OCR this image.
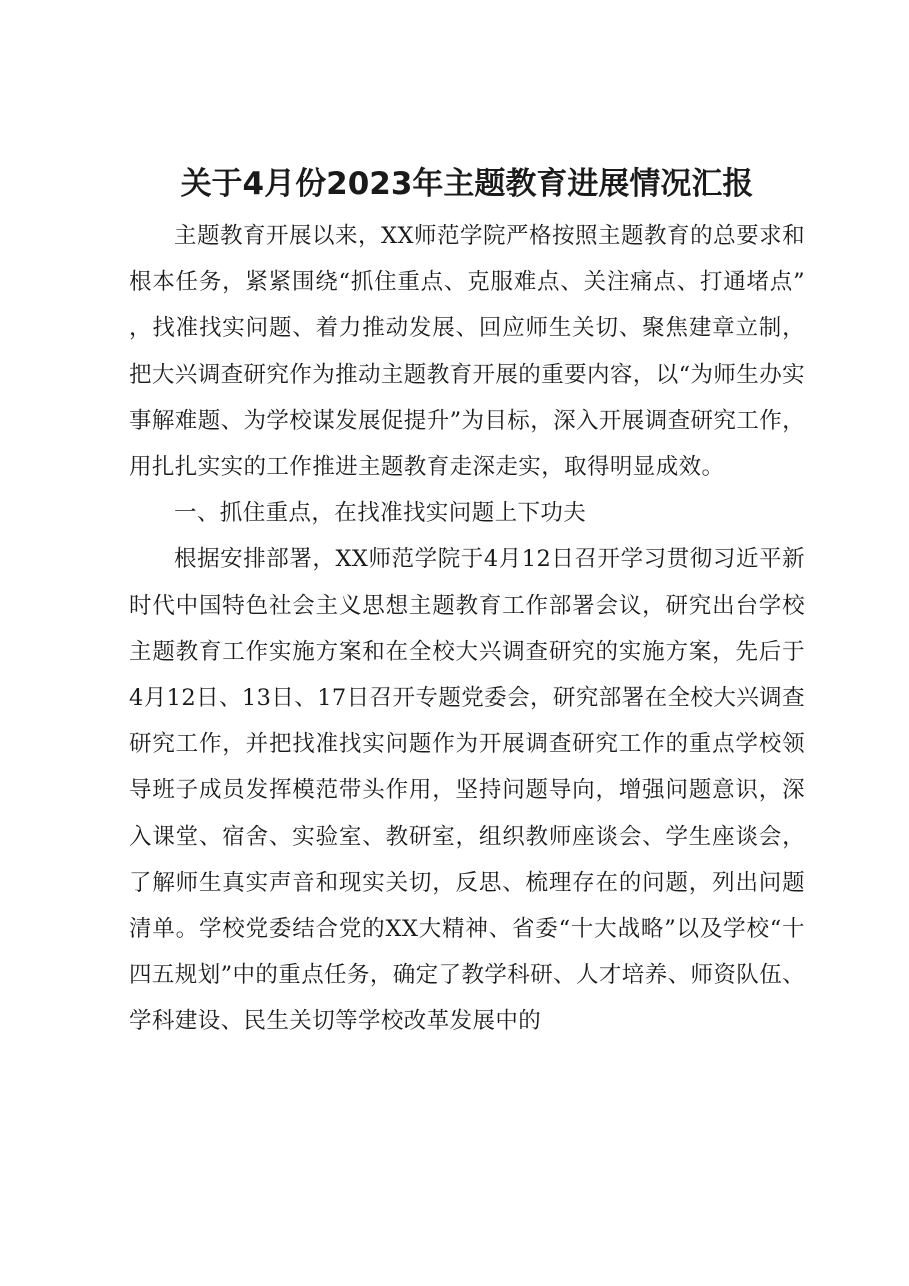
关于4月份2023年主题教育进展情况汇报

主题教育开展以来，XX师范学院严格按照主题教育的总要求和根本任务，紧紧围绕“抓住重点、克服难点、关注痛点、打通堵点”，找准找实问题、着力推动发展、回应师生关切、聚焦建章立制，把大兴调查研究作为推动主题教育开展的重要内容，以“为师生办实事解难题、为学校谋发展促提升”为目标，深入开展调查研究工作，用扎扎实实的工作推进主题教育走深走实，取得明显成效。

一、抓住重点，在找准找实问题上下功夫

根据安排部署，XX师范学院于4月12日召开学习贯彻习近平新时代中国特色社会主义思想主题教育工作部署会议，研究出台学校主题教育工作实施方案和在全校大兴调查研究的实施方案，先后于4月12日、13日、17日召开专题党委会，研究部署在全校大兴调查研究工作，并把找准找实问题作为开展调查研究工作的重点学校领导班子成员发挥模范带头作用，坚持问题导向，增强问题意识，深入课堂、宿舍、实验室、教研室，组织教师座谈会、学生座谈会，了解师生真实声音和现实关切，反思、梳理存在的问题，列出问题清单。学校党委结合党的XX大精神、省委“十大战略”以及学校“十四五规划”中的重点任务，确定了教学科研、人才培养、师资队伍、学科建设、民生关切等学校改革发展中的
